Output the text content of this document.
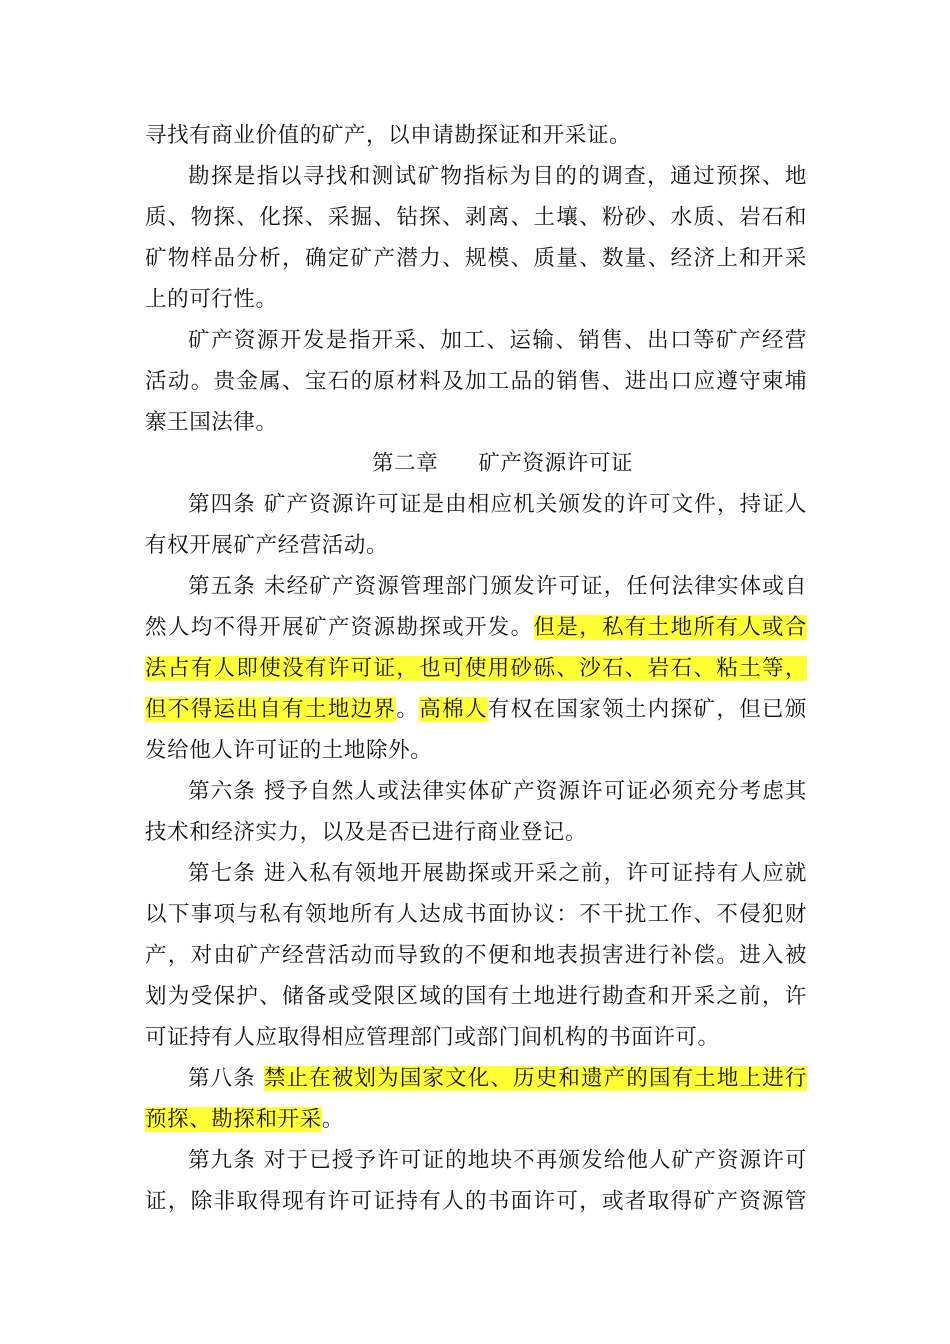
寻找有商业价值的矿产，以申请勘探证和开采证。
勘探是指以寻找和测试矿物指标为目的的调查，通过预探、地
质、物探、化探、采掘、钻探、剥离、土壤、粉砂、水质、岩石和
矿物样品分析，确定矿产潜力、规模、质量、数量、经济上和开采
上的可行性。
矿产资源开发是指开采、加工、运输、销售、出口等矿产经营
活动。贵金属、宝石的原材料及加工品的销售、进出口应遵守柬埔
寨王国法律。
第二章 矿产资源许可证
第四条 矿产资源许可证是由相应机关颁发的许可文件，持证人
有权开展矿产经营活动。
第五条 未经矿产资源管理部门颁发许可证，任何法律实体或自
然人均不得开展矿产资源勘探或开发。但是，私有土地所有人或合
法占有人即使没有许可证，也可使用砂砾、沙石、岩石、粘土等，
但不得运出自有土地边界。高棉人有权在国家领土内探矿，但已颁
发给他人许可证的土地除外。
第六条 授予自然人或法律实体矿产资源许可证必须充分考虑其
技术和经济实力，以及是否已进行商业登记。
第七条 进入私有领地开展勘探或开采之前，许可证持有人应就
以下事项与私有领地所有人达成书面协议：不干扰工作、不侵犯财
产，对由矿产经营活动而导致的不便和地表损害进行补偿。进入被
划为受保护、储备或受限区域的国有土地进行勘查和开采之前，许
可证持有人应取得相应管理部门或部门间机构的书面许可。
第八条 禁止在被划为国家文化、历史和遗产的国有土地上进行
预探、勘探和开采。
第九条 对于已授予许可证的地块不再颁发给他人矿产资源许可
证，除非取得现有许可证持有人的书面许可，或者取得矿产资源管
